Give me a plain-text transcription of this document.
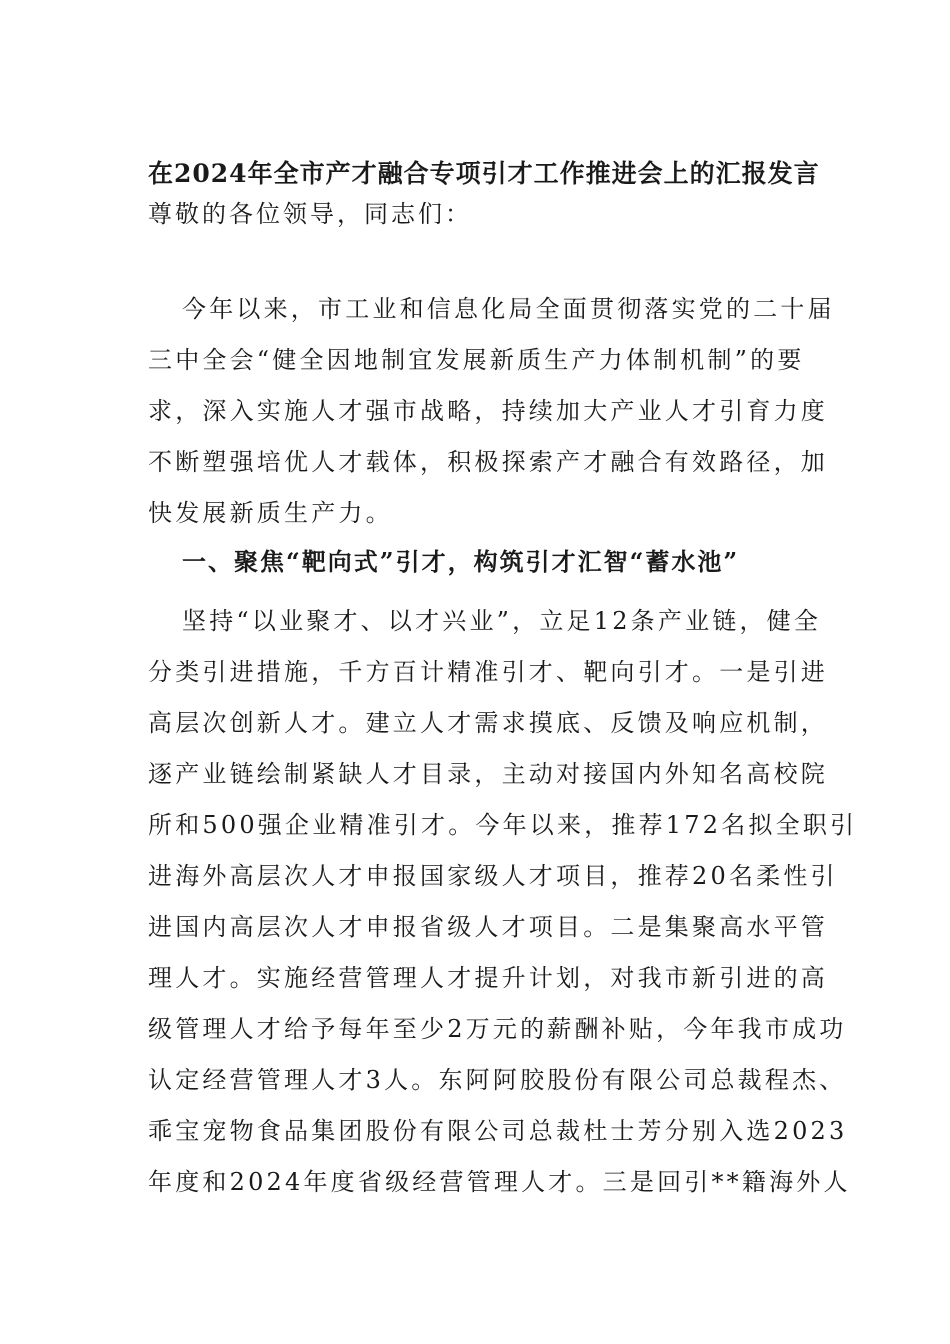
在2024年全市产才融合专项引才工作推进会上的汇报发言
尊敬的各位领导，同志们：
今年以来，市工业和信息化局全面贯彻落实党的二十届
三中全会“健全因地制宜发展新质生产力体制机制”的要
求，深入实施人才强市战略，持续加大产业人才引育力度
不断塑强培优人才载体，积极探索产才融合有效路径，加
快发展新质生产力。
一、聚焦“靶向式”引才，构筑引才汇智“蓄水池”
坚持“以业聚才、以才兴业”，立足12条产业链，健全
分类引进措施，千方百计精准引才、靶向引才。一是引进
高层次创新人才。建立人才需求摸底、反馈及响应机制，
逐产业链绘制紧缺人才目录，主动对接国内外知名高校院
所和500强企业精准引才。今年以来，推荐172名拟全职引
进海外高层次人才申报国家级人才项目，推荐20名柔性引
进国内高层次人才申报省级人才项目。二是集聚高水平管
理人才。实施经营管理人才提升计划，对我市新引进的高
级管理人才给予每年至少2万元的薪酬补贴，今年我市成功
认定经营管理人才3人。东阿阿胶股份有限公司总裁程杰、
乖宝宠物食品集团股份有限公司总裁杜士芳分别入选2023
年度和2024年度省级经营管理人才。三是回引**籍海外人
